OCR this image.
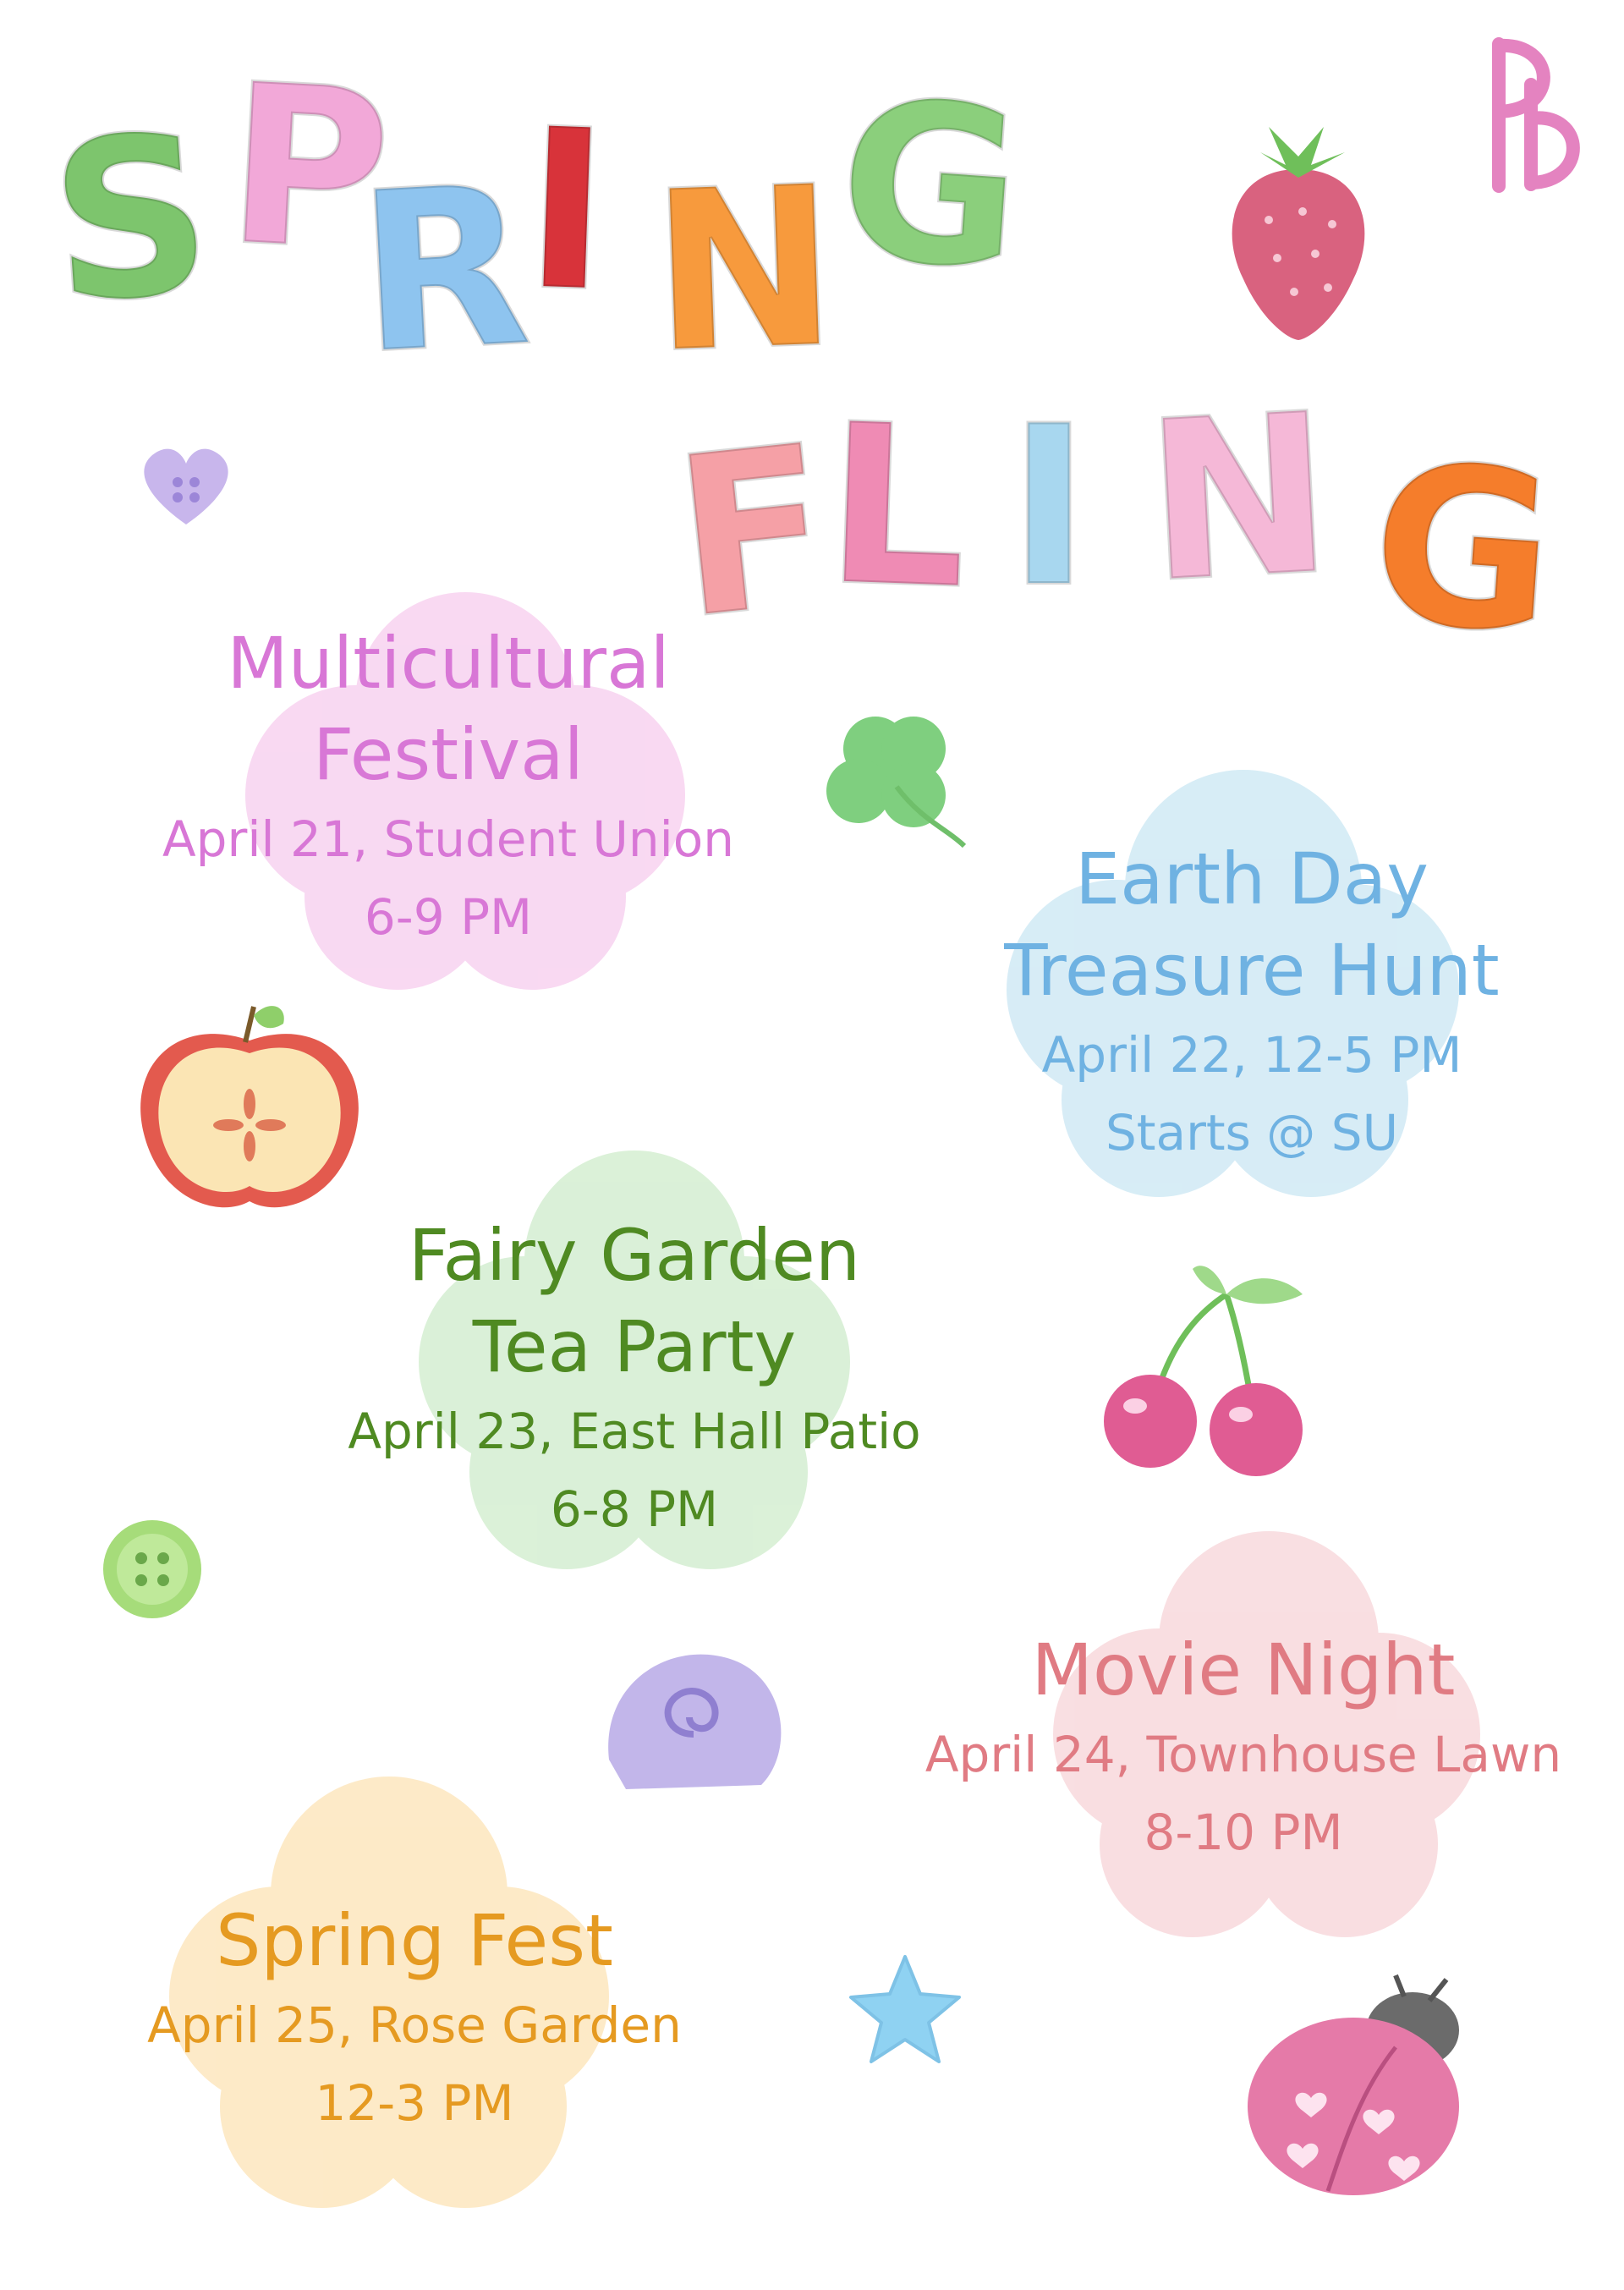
S P
R
I N
G
F
L I N G
Multicultural
Festival
April 21, Student Union
6-9 PM	Earth Day
Treasure Hunt
April 22, 12-5 PM
Starts @ SU
Fairy Garden
Tea Party
April 23, East Hall Patio
6-8 PM
Movie Night
April 24, Townhouse Lawn
8-10 PM
Spring Fest
April 25, Rose Garden
12-3 PM
